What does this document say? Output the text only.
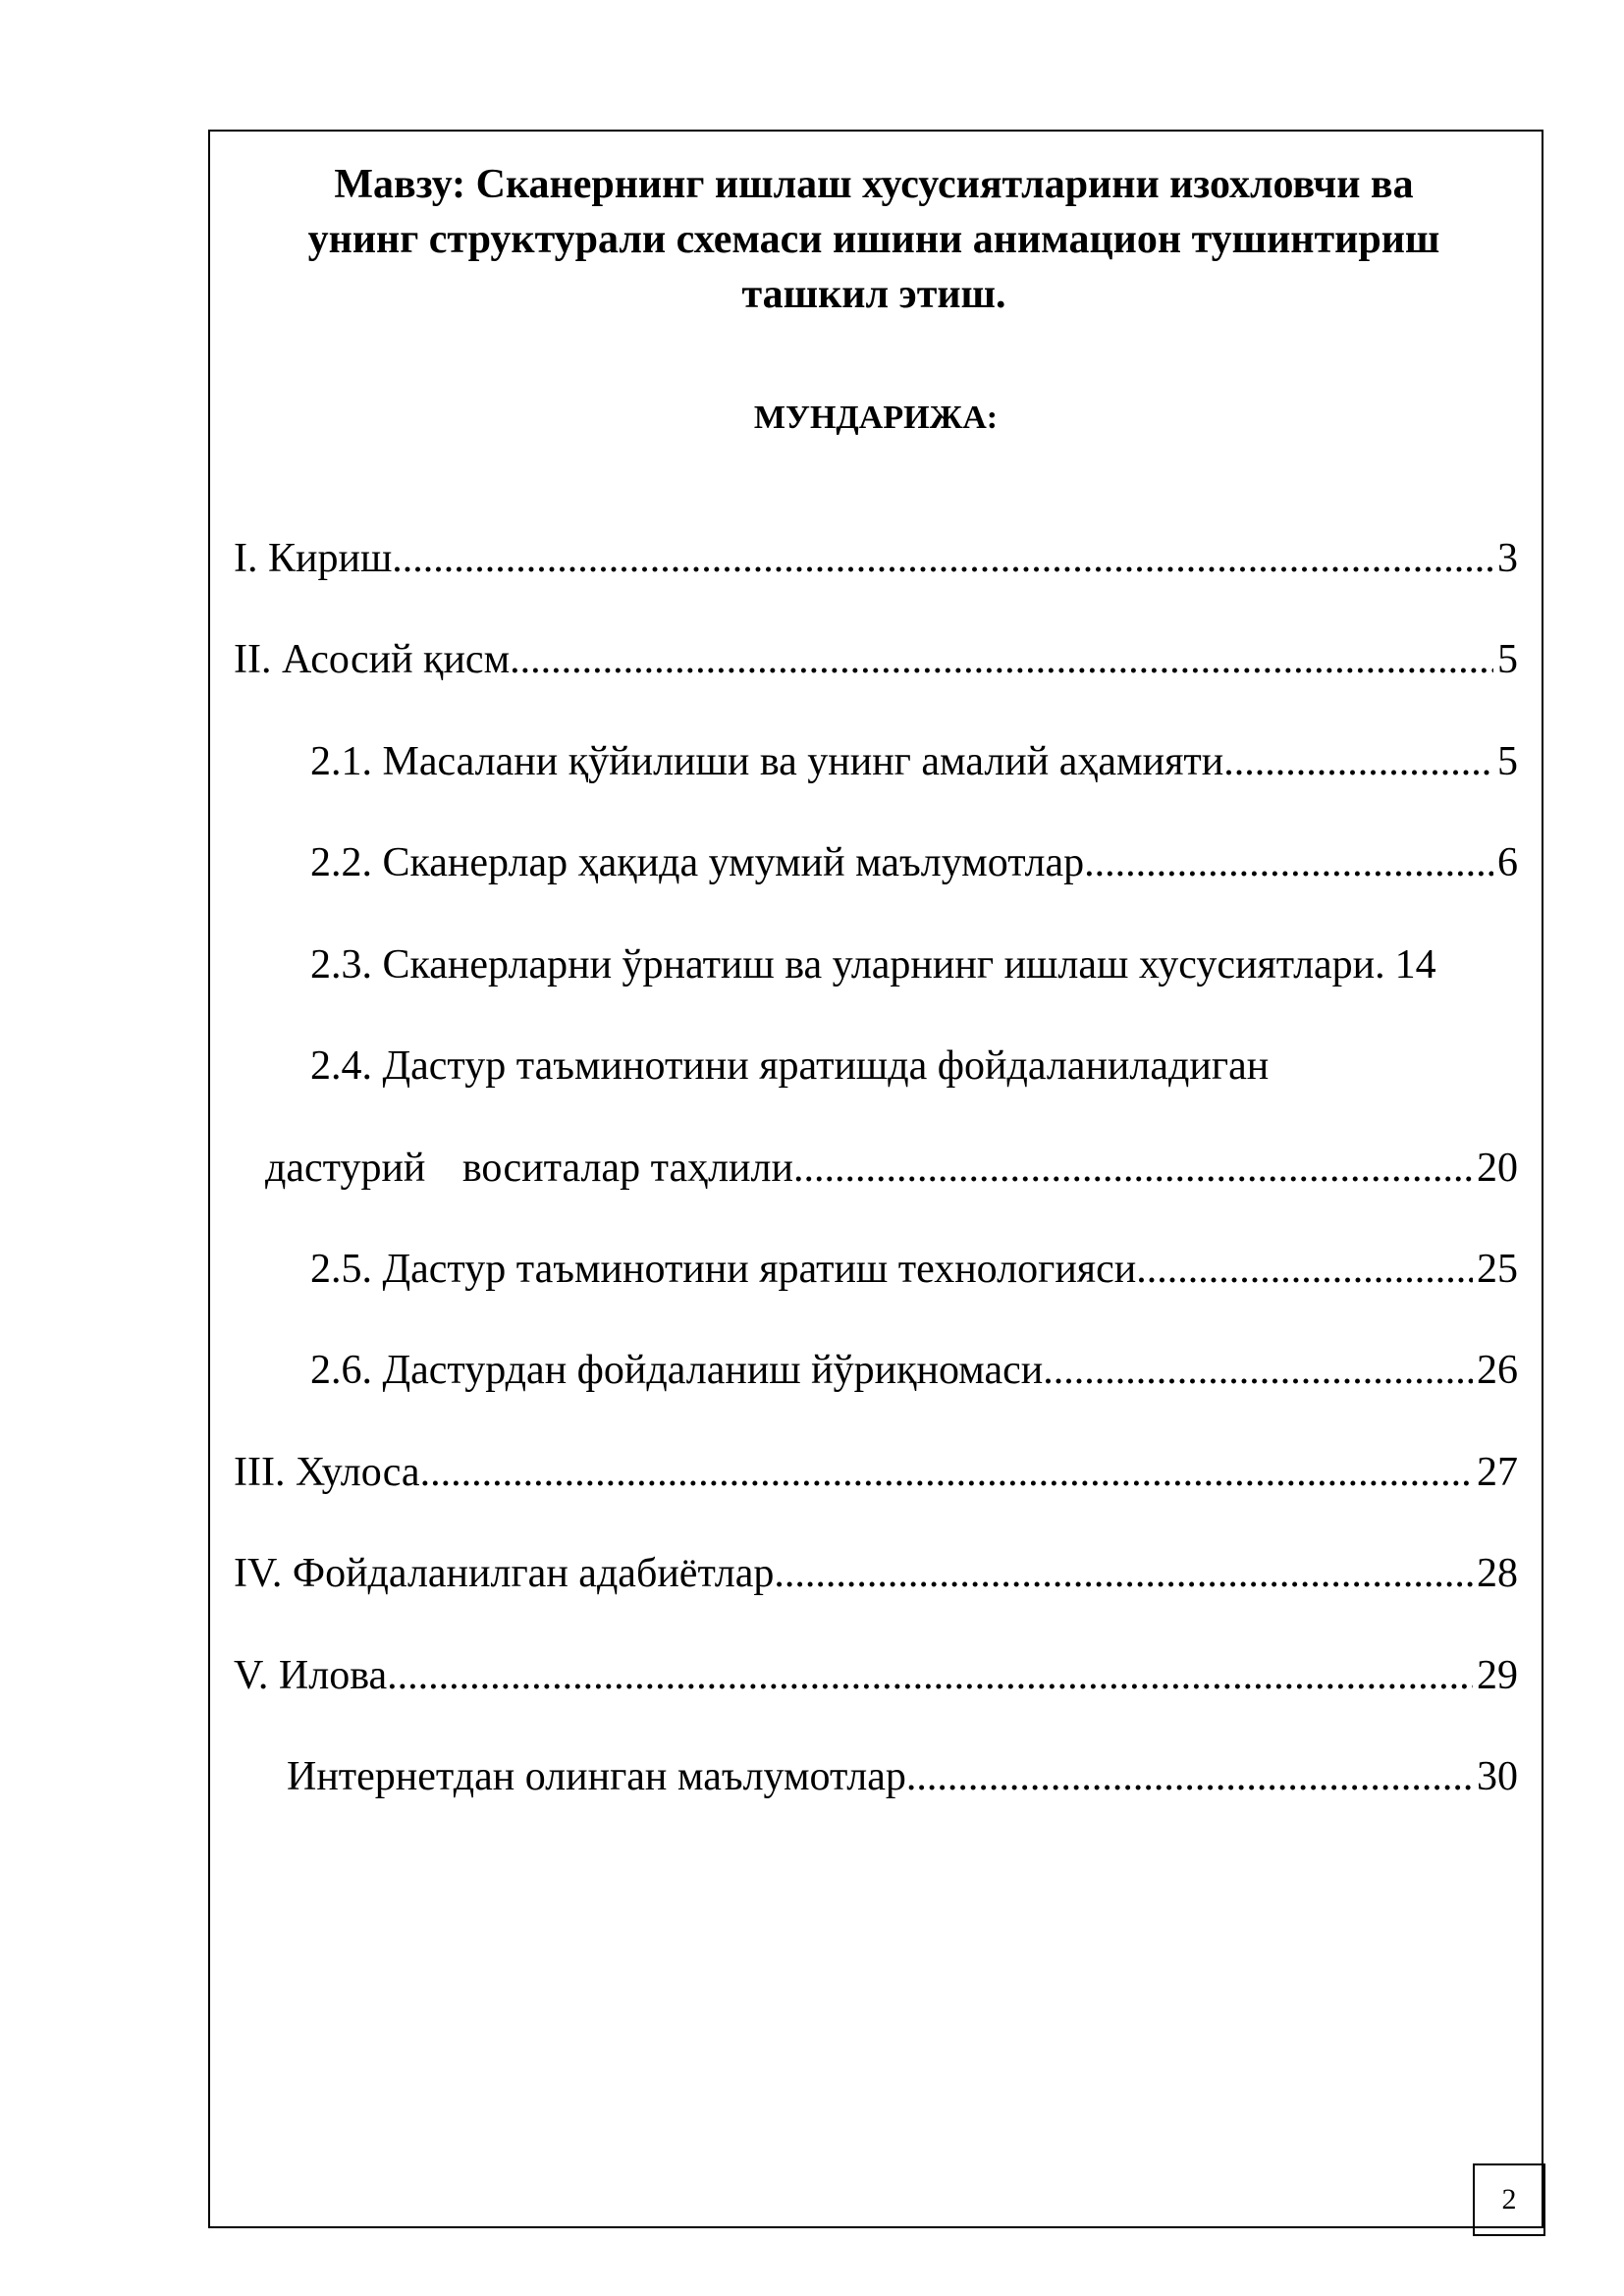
Мавзу: Сканернинг ишлаш хусусиятларини изохловчи ва
унинг структурали схемаси ишини анимацион тушинтириш
ташкил этиш.
МУНДАРИЖА:
I. Кириш .....	3
II. Асосий қисм .....	5
2.1. Масалани қўйилиши ва унинг амалий аҳамияти. .....	5
2.2. Сканерлар ҳақида умумий маълумотлар. .....	6
2.3. Сканерларни ўрнатиш ва уларнинг ишлаш хусусиятлари. 14
2.4. Дастур таъминотини яратишда фойдаланиладиган
дастурий воситалар таҳлили. .....	20
2.5. Дастур таъминотини яратиш технологияси .....	25
2.6. Дастурдан фойдаланиш йўриқномаси .....	26
III. Хулоса .....	27
IV. Фойдаланилган адабиётлар .....	28
V. Илова .....	29
Интернетдан олинган маълумотлар. .....	30
2
